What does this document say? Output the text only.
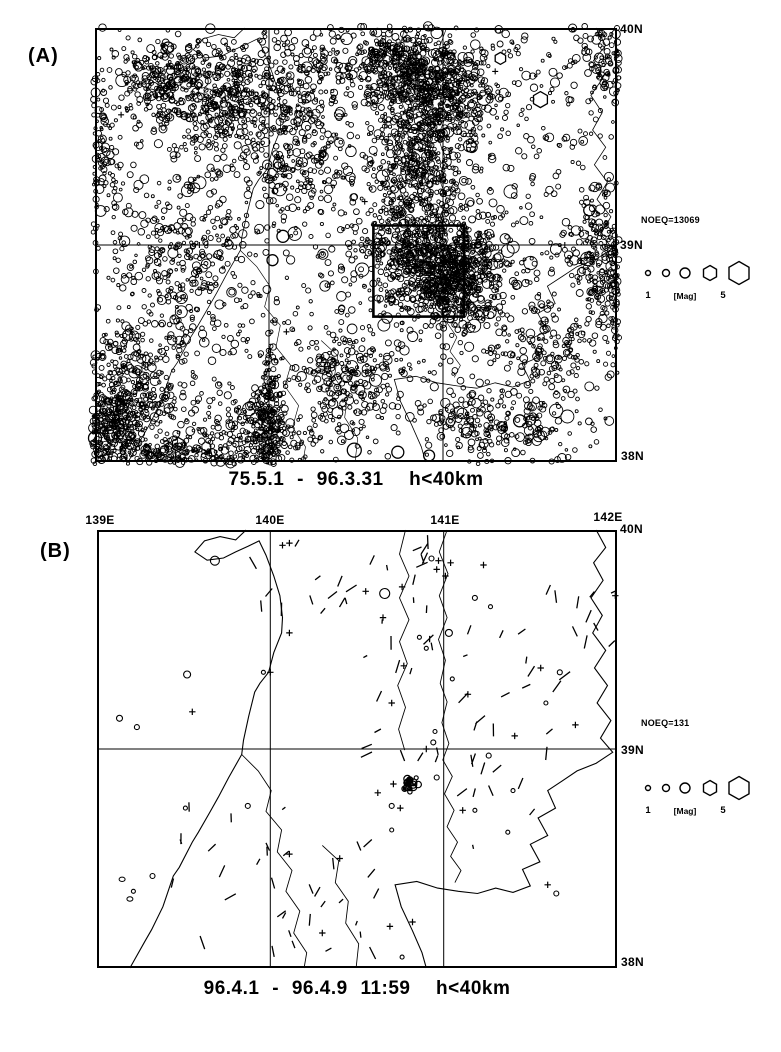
(A)
40N
39N
38N
NOEQ=13069
1	[Mag]	5
75.5.1 - 96.3.31  h<40km
(B)
139E	140E	141E	142E
40N
39N
38N
NOEQ=131
1	[Mag]	5
96.4.1 - 96.4.9 11:59  h<40km
